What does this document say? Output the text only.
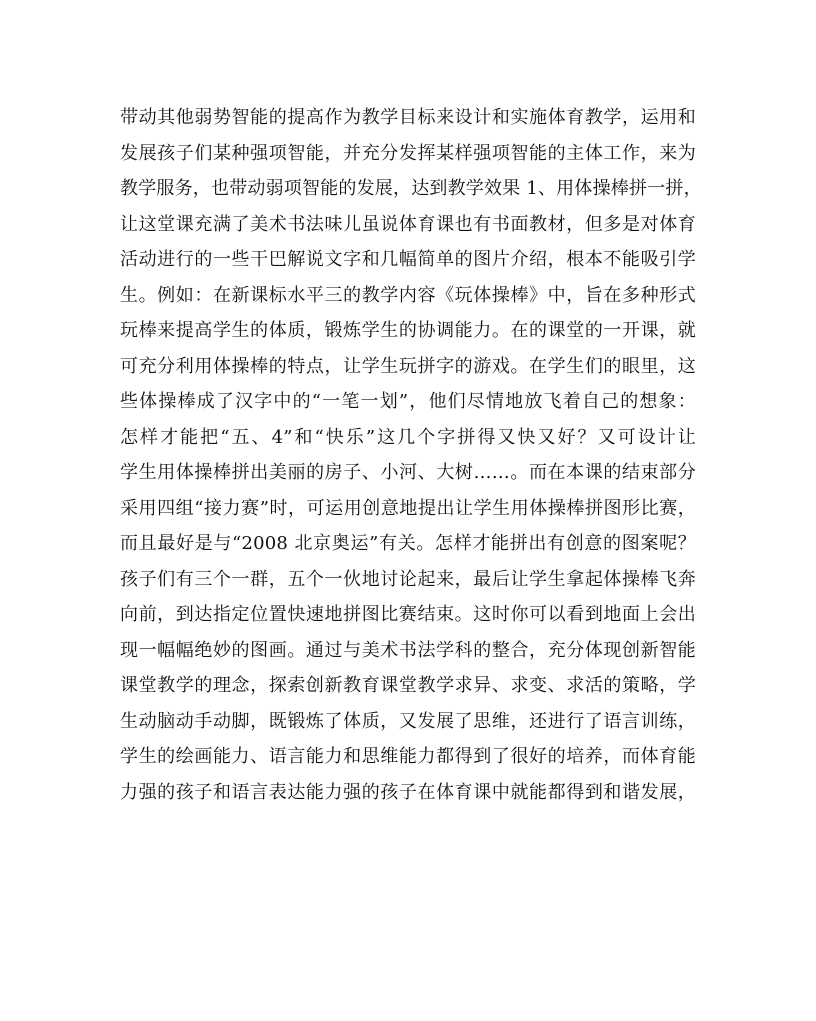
带动其他弱势智能的提高作为教学目标来设计和实施体育教学，运用和
发展孩子们某种强项智能，并充分发挥某样强项智能的主体工作，来为
教学服务，也带动弱项智能的发展，达到教学效果 1、用体操棒拼一拼，
让这堂课充满了美术书法味儿虽说体育课也有书面教材，但多是对体育
活动进行的一些干巴解说文字和几幅简单的图片介绍，根本不能吸引学
生。例如：在新课标水平三的教学内容《玩体操棒》中，旨在多种形式
玩棒来提高学生的体质，锻炼学生的协调能力。在的课堂的一开课，就
可充分利用体操棒的特点，让学生玩拼字的游戏。在学生们的眼里，这
些体操棒成了汉字中的“一笔一划”，他们尽情地放飞着自己的想象：
怎样才能把“五、4”和“快乐”这几个字拼得又快又好？又可设计让
学生用体操棒拼出美丽的房子、小河、大树……。而在本课的结束部分
采用四组“接力赛”时，可运用创意地提出让学生用体操棒拼图形比赛，
而且最好是与“2008 北京奥运”有关。怎样才能拼出有创意的图案呢？
孩子们有三个一群，五个一伙地讨论起来，最后让学生拿起体操棒飞奔
向前，到达指定位置快速地拼图比赛结束。这时你可以看到地面上会出
现一幅幅绝妙的图画。通过与美术书法学科的整合，充分体现创新智能
课堂教学的理念，探索创新教育课堂教学求异、求变、求活的策略，学
生动脑动手动脚，既锻炼了体质，又发展了思维，还进行了语言训练，
学生的绘画能力、语言能力和思维能力都得到了很好的培养，而体育能
力强的孩子和语言表达能力强的孩子在体育课中就能都得到和谐发展，
